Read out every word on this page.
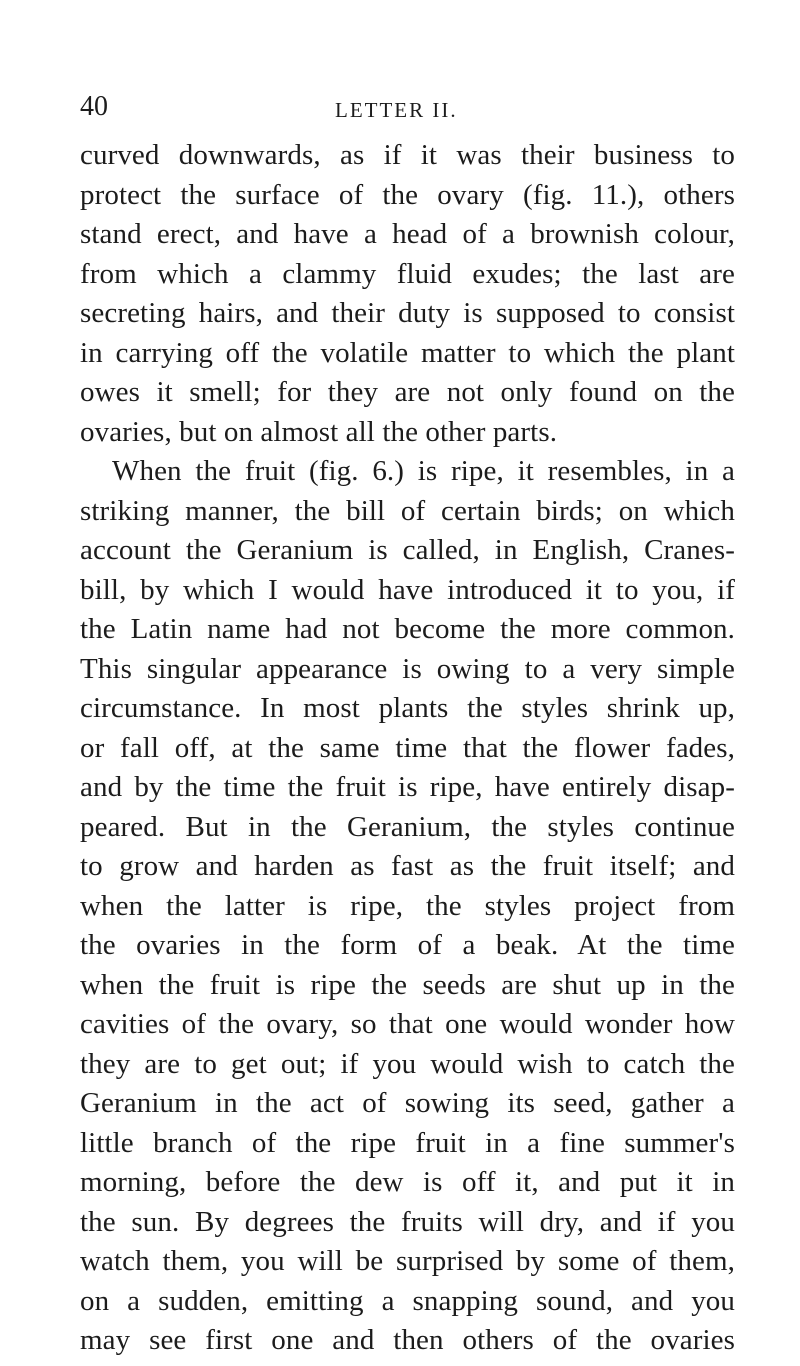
40	LETTER II.
curved downwards, as if it was their business to
protect the surface of the ovary (fig. 11.), others
stand erect, and have a head of a brownish colour,
from which a clammy fluid exudes; the last are
secreting hairs, and their duty is supposed to consist
in carrying off the volatile matter to which the plant
owes it smell; for they are not only found on the
ovaries, but on almost all the other parts.
When the fruit (fig. 6.) is ripe, it resembles, in a
striking manner, the bill of certain birds; on which
account the Geranium is called, in English, Cranes-
bill, by which I would have introduced it to you, if
the Latin name had not become the more common.
This singular appearance is owing to a very simple
circumstance. In most plants the styles shrink up,
or fall off, at the same time that the flower fades,
and by the time the fruit is ripe, have entirely disap-
peared. But in the Geranium, the styles continue
to grow and harden as fast as the fruit itself; and
when the latter is ripe, the styles project from
the ovaries in the form of a beak. At the time
when the fruit is ripe the seeds are shut up in the
cavities of the ovary, so that one would wonder how
they are to get out; if you would wish to catch the
Geranium in the act of sowing its seed, gather a
little branch of the ripe fruit in a fine summer's
morning, before the dew is off it, and put it in
the sun. By degrees the fruits will dry, and if you
watch them, you will be surprised by some of them,
on a sudden, emitting a snapping sound, and you
may see first one and then others of the ovaries
